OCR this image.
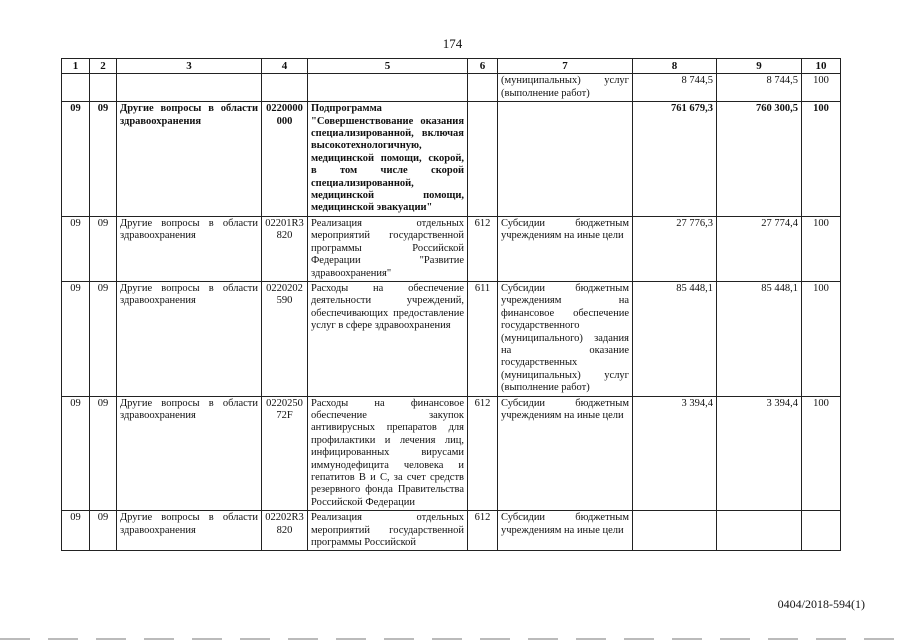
174
1	2	3	4	5	6	7	8	9	10
						(муниципальных) услуг (выполнение работ)	8 744,5	8 744,5	100
09	09	Другие вопросы в области здравоохранения	0220000 000	Подпрограмма "Совершенствование оказания специализированной, включая высокотехнологичную, медицинской помощи, скорой, в том числе скорой специализированной, медицинской помощи, медицинской эвакуации"			761 679,3	760 300,5	100
09	09	Другие вопросы в области здравоохранения	02201R3 820	Реализация отдельных мероприятий государственной программы Российской Федерации "Развитие здравоохранения"	612	Субсидии бюджетным учреждениям на иные цели	27 776,3	27 774,4	100
09	09	Другие вопросы в области здравоохранения	0220202 590	Расходы на обеспечение деятельности учреждений, обеспечивающих предоставление услуг в сфере здравоохранения	611	Субсидии бюджетным учреждениям на финансовое обеспечение государственного (муниципального) задания на оказание государственных (муниципальных) услуг (выполнение работ)	85 448,1	85 448,1	100
09	09	Другие вопросы в области здравоохранения	0220250 72F	Расходы на финансовое обеспечение закупок антивирусных препаратов для профилактики и лечения лиц, инфицированных вирусами иммунодефицита человека и гепатитов В и С, за счет средств резервного фонда Правительства Российской Федерации	612	Субсидии бюджетным учреждениям на иные цели	3 394,4	3 394,4	100
09	09	Другие вопросы в области здравоохранения	02202R3 820	Реализация отдельных мероприятий государственной программы Российской	612	Субсидии бюджетным учреждениям на иные цели			
0404/2018-594(1)
